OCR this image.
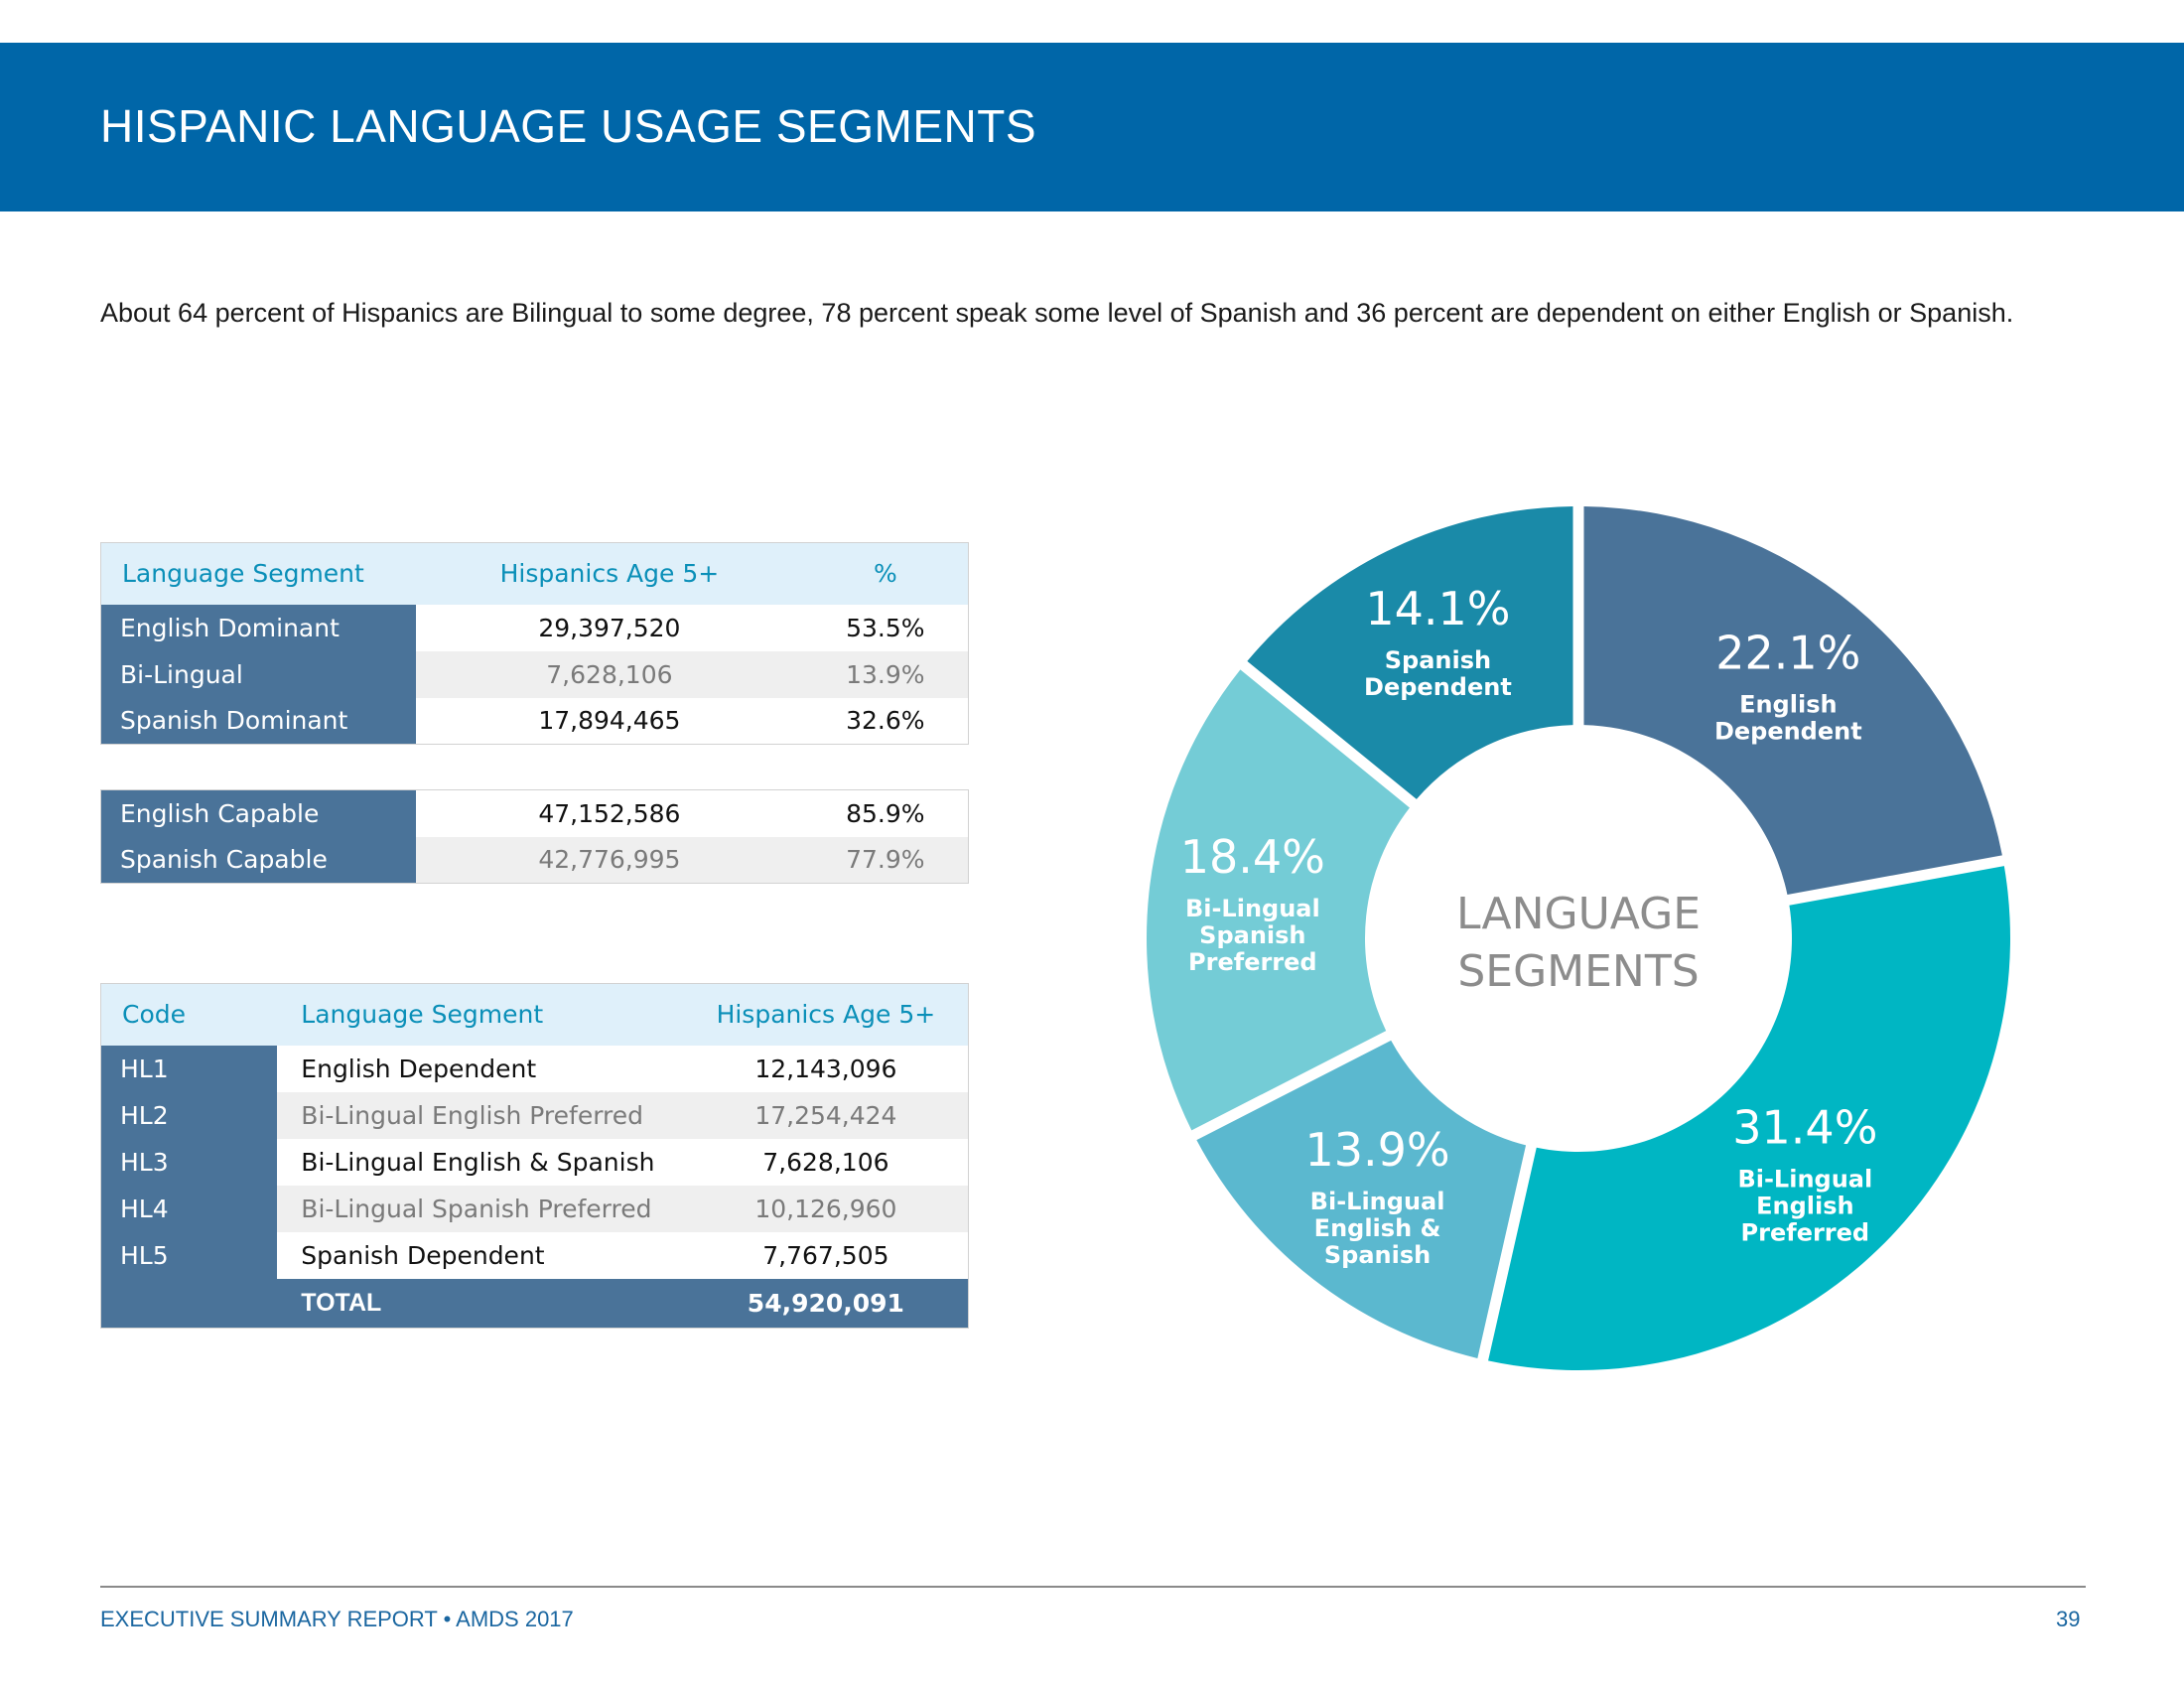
HISPANIC LANGUAGE USAGE SEGMENTS

About 64 percent of Hispanics are Bilingual to some degree, 78 percent speak some level of Spanish and 36 percent are dependent on either English or Spanish.

Language Segment	Hispanics Age 5+	%
English Dominant	29,397,520	53.5%
Bi-Lingual	7,628,106	13.9%
Spanish Dominant	17,894,465	32.6%
English Capable	47,152,586	85.9%
Spanish Capable	42,776,995	77.9%
Code	Language Segment	Hispanics Age 5+
HL1	English Dependent	12,143,096
HL2	Bi-Lingual English Preferred	17,254,424
HL3	Bi-Lingual English & Spanish	7,628,106
HL4	Bi-Lingual Spanish Preferred	10,126,960
HL5	Spanish Dependent	7,767,505
	TOTAL	54,920,091
22.1%
English
Dependent
31.4%
Bi-Lingual
English
Preferred
13.9%
Bi-Lingual
English &
Spanish
18.4%
Bi-Lingual
Spanish
Preferred
14.1%
Spanish
Dependent
LANGUAGE
SEGMENTS
EXECUTIVE SUMMARY REPORT • AMDS 2017	39
